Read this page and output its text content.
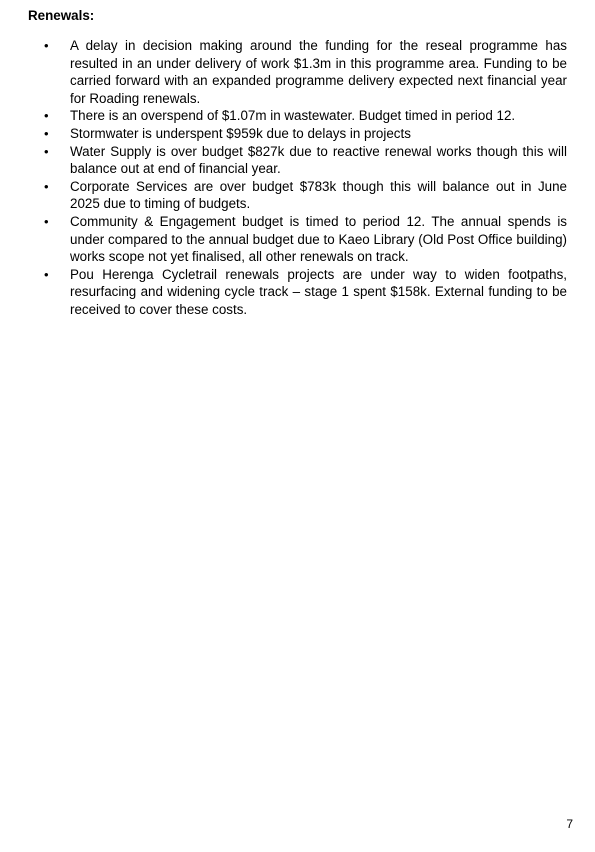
Renewals:

•	A delay in decision making around the funding for the reseal programme has resulted in an under delivery of work $1.3m in this programme area. Funding to be carried forward with an expanded programme delivery expected next financial year for Roading renewals.
•	There is an overspend of $1.07m in wastewater. Budget timed in period 12.
•	Stormwater is underspent $959k due to delays in projects
•	Water Supply is over budget $827k due to reactive renewal works though this will balance out at end of financial year.
•	Corporate Services are over budget $783k though this will balance out in June 2025 due to timing of budgets.
•	Community & Engagement budget is timed to period 12. The annual spends is under compared to the annual budget due to Kaeo Library (Old Post Office building) works scope not yet finalised, all other renewals on track.
•	Pou Herenga Cycletrail renewals projects are under way to widen footpaths, resurfacing and widening cycle track – stage 1 spent $158k. External funding to be received to cover these costs.
7
